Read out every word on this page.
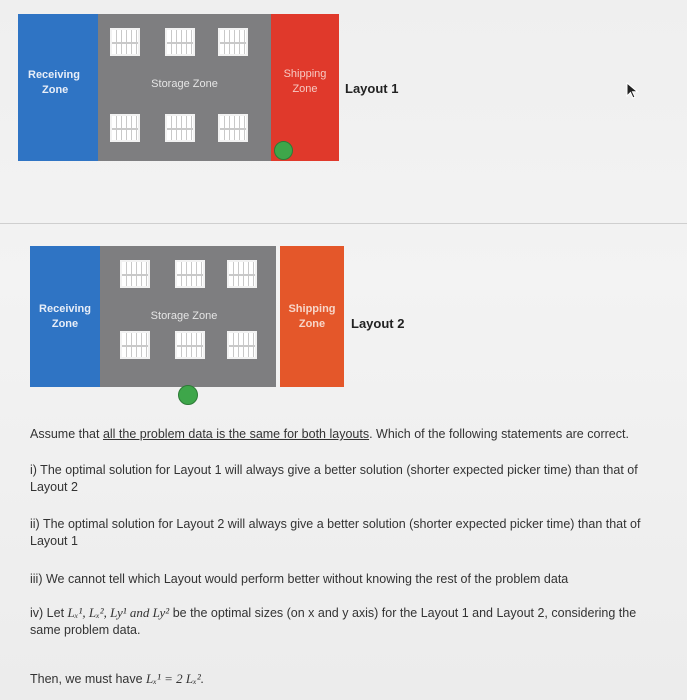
Receiving
Zone	Storage Zone
Shipping
Zone	Layout 1
Receiving
Zone
Storage Zone
Shipping
Zone	Layout 2
Assume that all the problem data is the same for both layouts. Which of the following statements are correct.
i) The optimal solution for Layout 1 will always give a better solution (shorter expected picker time) than that of Layout 2
ii) The optimal solution for Layout 2 will always give a better solution (shorter expected picker time) than that of Layout 1
iii) We cannot tell which Layout would perform better without knowing the rest of the problem data
iv) Let Lₓ¹, Lₓ², Ly¹ and Ly² be the optimal sizes (on x and y axis) for the Layout 1 and Layout 2, considering the same problem data.
Then, we must have Lₓ¹ = 2 Lₓ².
